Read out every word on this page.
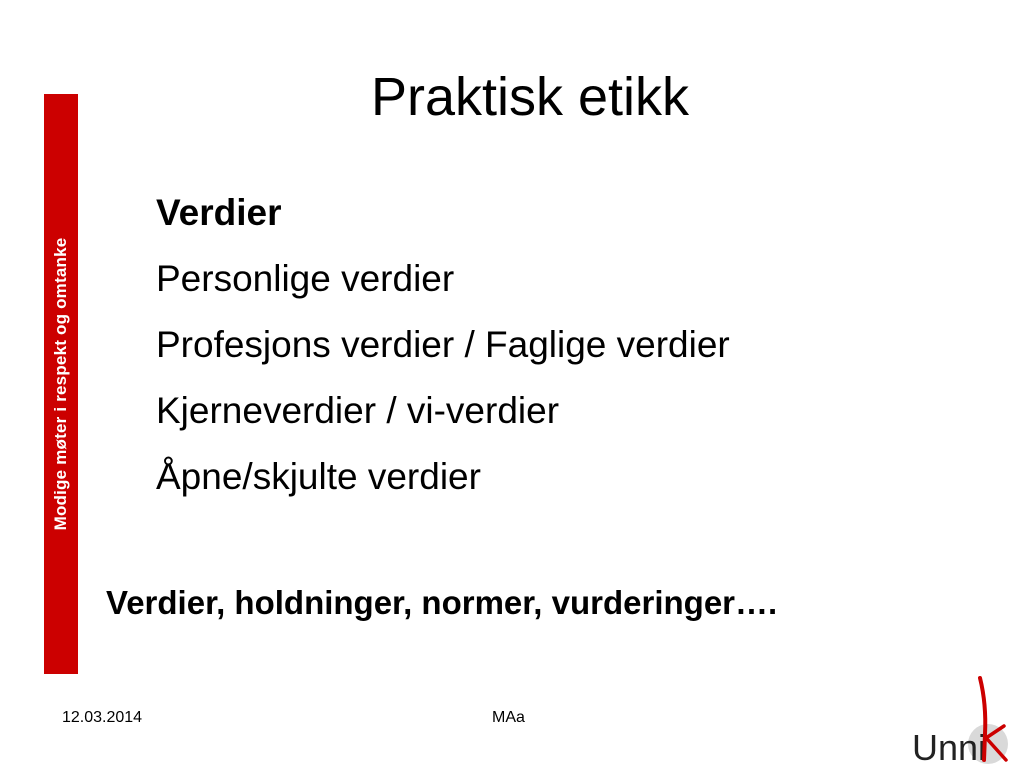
Modige møter i respekt og omtanke
Praktisk etikk
Verdier
Personlige verdier
Profesjons verdier / Faglige verdier
Kjerneverdier / vi-verdier
Åpne/skjulte verdier
Verdier, holdninger, normer, vurderinger….
12.03.2014	MAa
Unni
